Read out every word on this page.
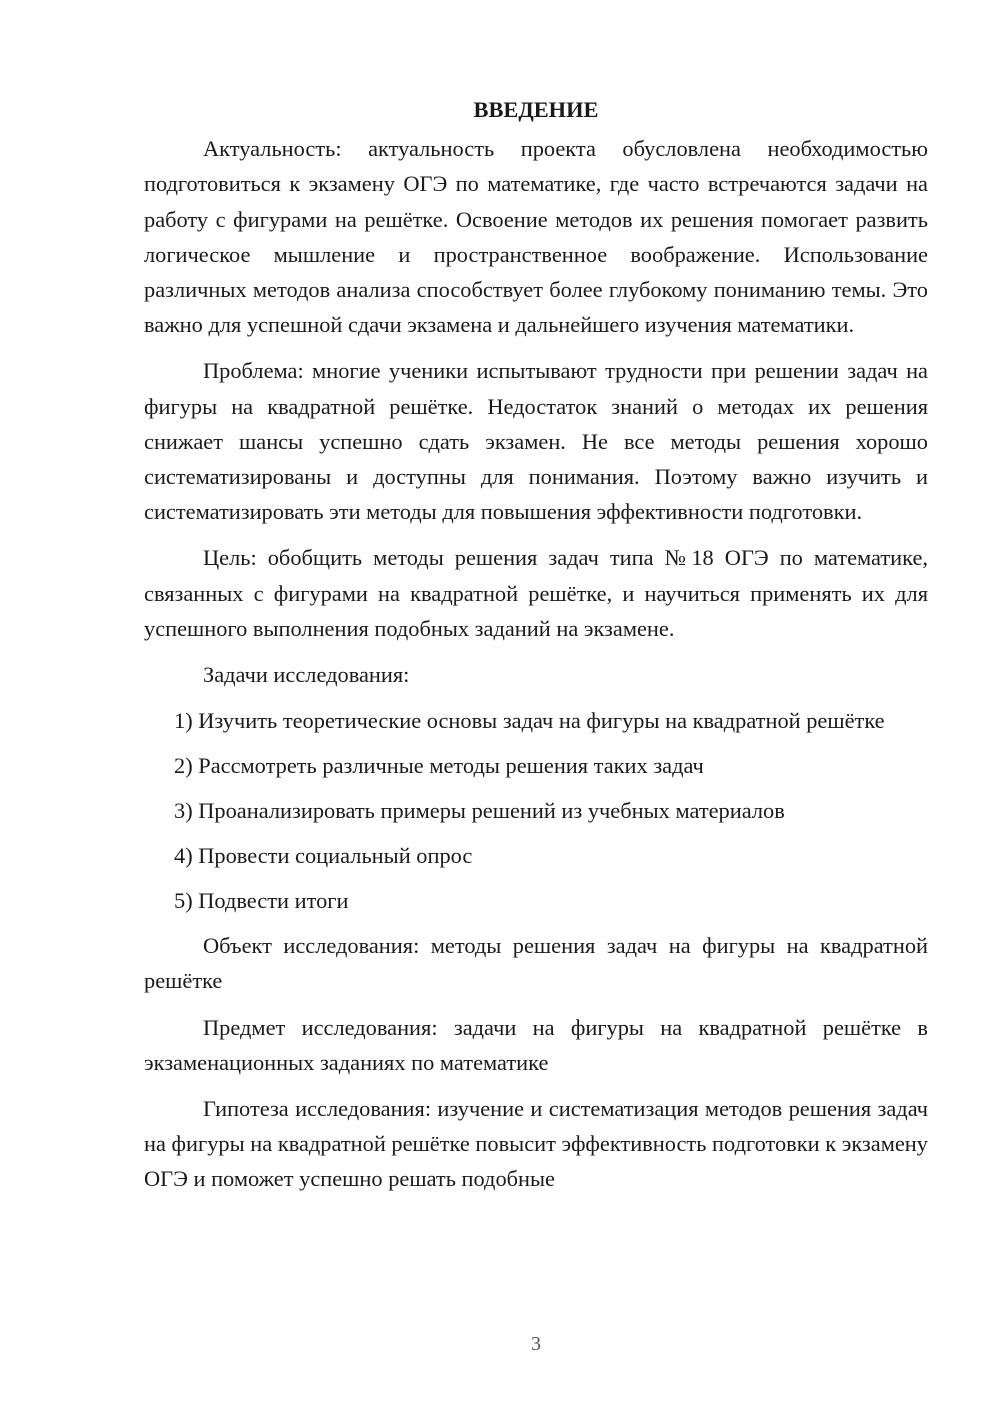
ВВЕДЕНИЕ

Актуальность: актуальность проекта обусловлена необходимостью подготовиться к экзамену ОГЭ по математике, где часто встречаются задачи на работу с фигурами на решётке. Освоение методов их решения помогает развить логическое мышление и пространственное воображение. Использование различных методов анализа способствует более глубокому пониманию темы. Это важно для успешной сдачи экзамена и дальнейшего изучения математики.

Проблема: многие ученики испытывают трудности при решении задач на фигуры на квадратной решётке. Недостаток знаний о методах их решения снижает шансы успешно сдать экзамен. Не все методы решения хорошо систематизированы и доступны для понимания. Поэтому важно изучить и систематизировать эти методы для повышения эффективности подготовки.

Цель: обобщить методы решения задач типа №18 ОГЭ по математике, связанных с фигурами на квадратной решётке, и научиться применять их для успешного выполнения подобных заданий на экзамене.

Задачи исследования:

1) Изучить теоретические основы задач на фигуры на квадратной решётке

2) Рассмотреть различные методы решения таких задач

3) Проанализировать примеры решений из учебных материалов

4) Провести социальный опрос

5) Подвести итоги

Объект исследования: методы решения задач на фигуры на квадратной решётке

Предмет исследования: задачи на фигуры на квадратной решётке в экзаменационных заданиях по математике

Гипотеза исследования: изучение и систематизация методов решения задач на фигуры на квадратной решётке повысит эффективность подготовки к экзамену ОГЭ и поможет успешно решать подобные

3
